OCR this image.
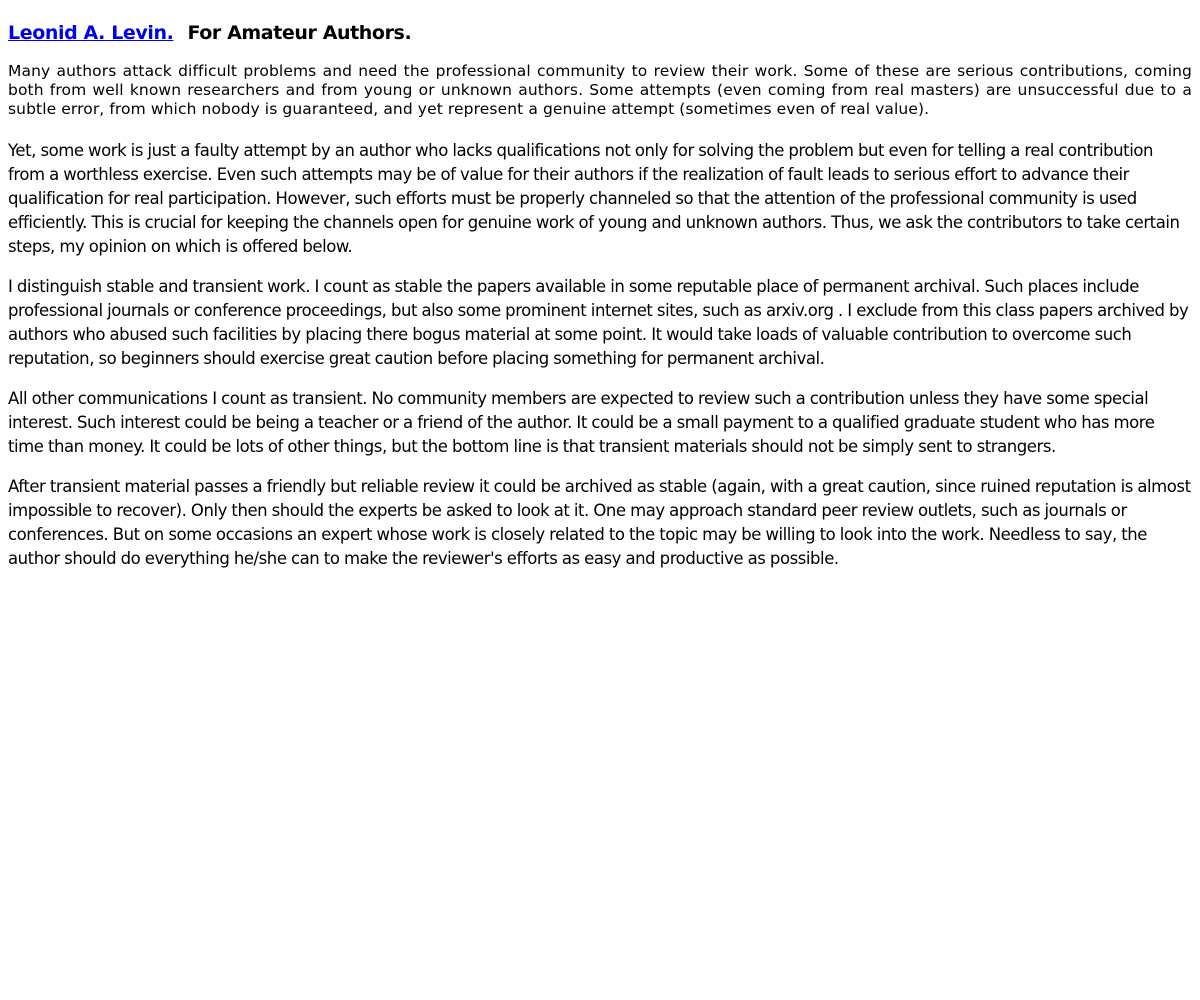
Leonid A. Levin. For Amateur Authors.

Many authors attack difficult problems and need the professional community to review their work. Some of these are serious contributions, coming both from well known researchers and from young or unknown authors. Some attempts (even coming from real masters) are unsuccessful due to a subtle error, from which nobody is guaranteed, and yet represent a genuine attempt (sometimes even of real value).

Yet, some work is just a faulty attempt by an author who lacks qualifications not only for solving the problem but even for telling a real contribution from a worthless exercise. Even such attempts may be of value for their authors if the realization of fault leads to serious effort to advance their qualification for real participation. However, such efforts must be properly channeled so that the attention of the professional community is used efficiently. This is crucial for keeping the channels open for genuine work of young and unknown authors. Thus, we ask the contributors to take certain steps, my opinion on which is offered below.

I distinguish stable and transient work. I count as stable the papers available in some reputable place of permanent archival. Such places include professional journals or conference proceedings, but also some prominent internet sites, such as arxiv.org . I exclude from this class papers archived by authors who abused such facilities by placing there bogus material at some point. It would take loads of valuable contribution to overcome such reputation, so beginners should exercise great caution before placing something for permanent archival.

All other communications I count as transient. No community members are expected to review such a contribution unless they have some special interest. Such interest could be being a teacher or a friend of the author. It could be a small payment to a qualified graduate student who has more time than money. It could be lots of other things, but the bottom line is that transient materials should not be simply sent to strangers.

After transient material passes a friendly but reliable review it could be archived as stable (again, with a great caution, since ruined reputation is almost impossible to recover). Only then should the experts be asked to look at it. One may approach standard peer review outlets, such as journals or conferences. But on some occasions an expert whose work is closely related to the topic may be willing to look into the work. Needless to say, the author should do everything he/she can to make the reviewer's efforts as easy and productive as possible.
